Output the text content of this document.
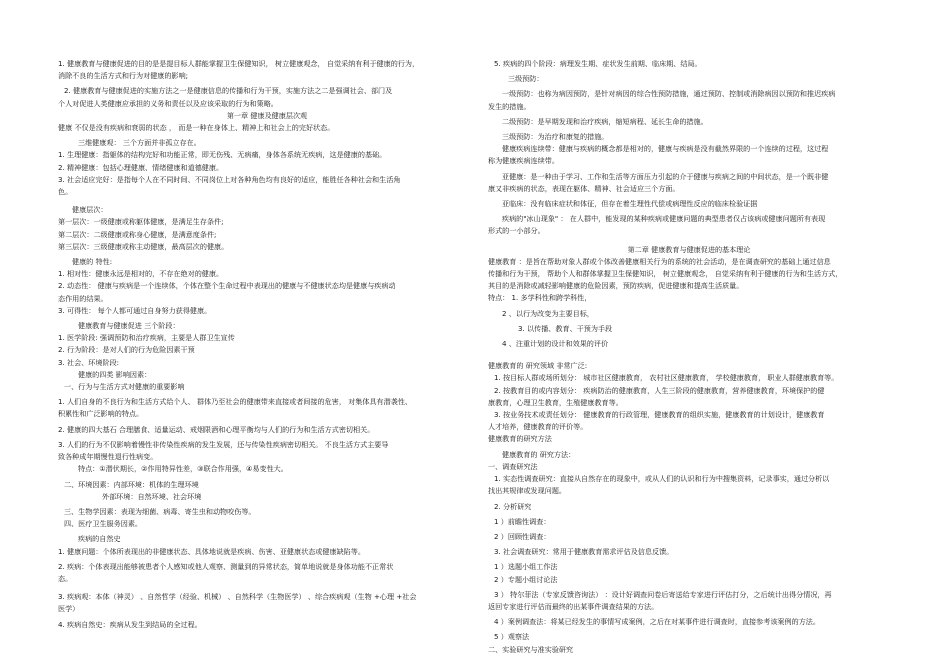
1. 健康教育与健康促进的目的是是提目标人群能掌握卫生保健知识， 树立健康观念， 自觉采纳有利于健康的行为，
消除不良的生活方式和行为对健康的影响;
2. 健康教育与健康促进的实施方法之一是健康信息的传播和行为干预，实施方法之二是强调社会、部门及
个人对促进人类健康应承担的义务和责任以及应该采取的行为和策略。
第一章 健康及健康层次观
健康 不仅是没有疾病和衰弱的状态 ， 而是一种在身体上、精神上和社会上的完好状态。
三维健康观： 三个方面并非孤立存在。
1. 生理健康：指躯体的结构完好和功能正常，即无伤残、无病痛，身体各系统无疾病，这是健康的基础。
2. 精神健康：包括心理健康、情绪健康和道德健康。
3. 社会适应完好：是指每个人在不同时间、不同岗位上对各种角色均有良好的适应，能胜任各种社会和生活角
色。
健康层次：
第一层次：一级健康或称躯体健康，是满足生存条件;
第二层次：二级健康或称身心健康，是满意度条件;
第三层次：三级健康或称主动健康，最高层次的健康。
健康的 特性:
1. 相对性：健康永远是相对的，不存在绝对的健康。
2. 动态性： 健康与疾病是一个连续体，个体在整个生命过程中表现出的健康与不健康状态均是健康与疾病动
态作用的结果。
3. 可得性： 每个人都可通过自身努力获得健康。
健康教育与健康促进 三个阶段：
1. 医学阶段: 强调预防和治疗疾病，主要是人群卫生宣传
2. 行为阶段：是对人们的行为危险因素干预
3. 社会、环境阶段:
健康的四类 影响因素：
一、行为与生活方式对健康的重要影响
1. 人们自身的不良行为和生活方式给个人、 群体乃至社会的健康带来直接或者间接的危害， 对集体具有潜袭性、
积累性和广泛影响的特点。
2. 健康的四大基石 合理膳食、适量运动、戒烟限酒和心理平衡均与人们的行为和生活方式密切相关。
3. 人们的行为不仅影响着慢性非传染性疾病的发生发展，还与传染性疾病密切相关。 不良生活方式主要导
致各种成年期慢性退行性病变。
特点：①潜伏期长，②作用特异性差，③联合作用强，④易变性大。
二、环境因素：内部环境：机体的生理环境
外部环境：自然环境、社会环境
三、生物学因素：表现为细菌、病毒、寄生虫和动物咬伤等。
四、医疗卫生服务因素。
疾病的自然史
1. 健康问题：个体所表现出的非健康状态、具体地说就是疾病、伤害、亚健康状态或健康缺陷等。
2. 疾病：个体表现出能够被患者个人感知或他人观察、测量到的异常状态，简单地说就是身体功能不正常状
态。
3. 疾病观：本体（神灵） 、自然哲学（经验、机械） 、自然科学（生物医学） 、综合疾病观（生物 +心理 +社会
医学）
4. 疾病自然史：疾病从发生到结局的全过程。
5. 疾病的四个阶段：病理发生期、症状发生前期、临床期、结局。
三级预防：
一级预防：也称为病因预防，是针对病因的综合性预防措施，通过预防、控制或消除病因以预防和推迟疾病
发生的措施。
二级预防：是早期发现和治疗疾病，缩短病程、延长生命的措施。
三级预防：为治疗和康复的措施。
健康疾病连续带：健康与疾病的概念都是相对的，健康与疾病是没有截然界限的一个连续的过程，这过程
称为健康疾病连续带。
亚健康：是一种由于学习、工作和生活等方面压力引起的介于健康与疾病之间的中间状态，是一个既非健
康又非疾病的状态，表现在躯体、精神、社会适应三个方面。
亚临床：没有临床症状和体征，但存在着生理性代偿或病理性反应的临床检验证据
疾病的"冰山现象" ： 在人群中，能发现的某种疾病或健康问题的典型患者仅占该病或健康问题所有表现
形式的一小部分。
第二章 健康教育与健康促进的基本理论
健康教育 ：是旨在帮助对象人群或个体改善健康相关行为的系统的社会活动，是在调查研究的基础上通过信息
传播和行为干预， 帮助个人和群体掌握卫生保健知识， 树立健康观念， 自觉采纳有利于健康的行为和生活方式，
其目的是消除或减轻影响健康的危险因素，预防疾病，促进健康和提高生活质量。
特点： 1. 多学科性和跨学科性，
2 、以行为改变为主要目标，
3. 以传播、教育、干预为手段
4 、注重计划的设计和效果的评价
健康教育的 研究领域 非常广泛:
1. 按目标人群或场所划分： 城市社区健康教育， 农村社区健康教育， 学校健康教育， 职业人群健康教育等。
2. 按教育目的或内容划分： 疾病防治的健康教育，人生三阶段的健康教育，营养健康教育，环境保护的健
康教育，心理卫生教育，生殖健康教育等。
3. 按业务技术或责任划分： 健康教育的行政管理，健康教育的组织实施，健康教育的计划设计，健康教育
人才培养，健康教育的评价等。
健康教育的研究方法
健康教育的 研究方法：
一、调查研究法
1. 实态性调查研究：直接从自然存在的现象中，或从人们的认识和行为中搜集资料，记录事实，通过分析以
找出其规律或发现问题。
2. 分析研究
1 ）前瞻性调查：
2 ）回顾性调查：
3. 社会调查研究：常用于健康教育需求评估及信息反馈。
1 ）选题小组工作法
2 ）专题小组讨论法
3 ） 特尔菲法（专家反馈咨询法） ：设计好调查问卷后寄送给专家进行评估打分，之后统计出得分情况，再
返回专家进行评估而最终的出某事件调查结果的方法。
4 ）案例调查法：将某已经发生的事情写成案例，之后在对某事件进行调查时，直接参考该案例的方法。
5 ）观察法
二、实验研究与准实验研究
